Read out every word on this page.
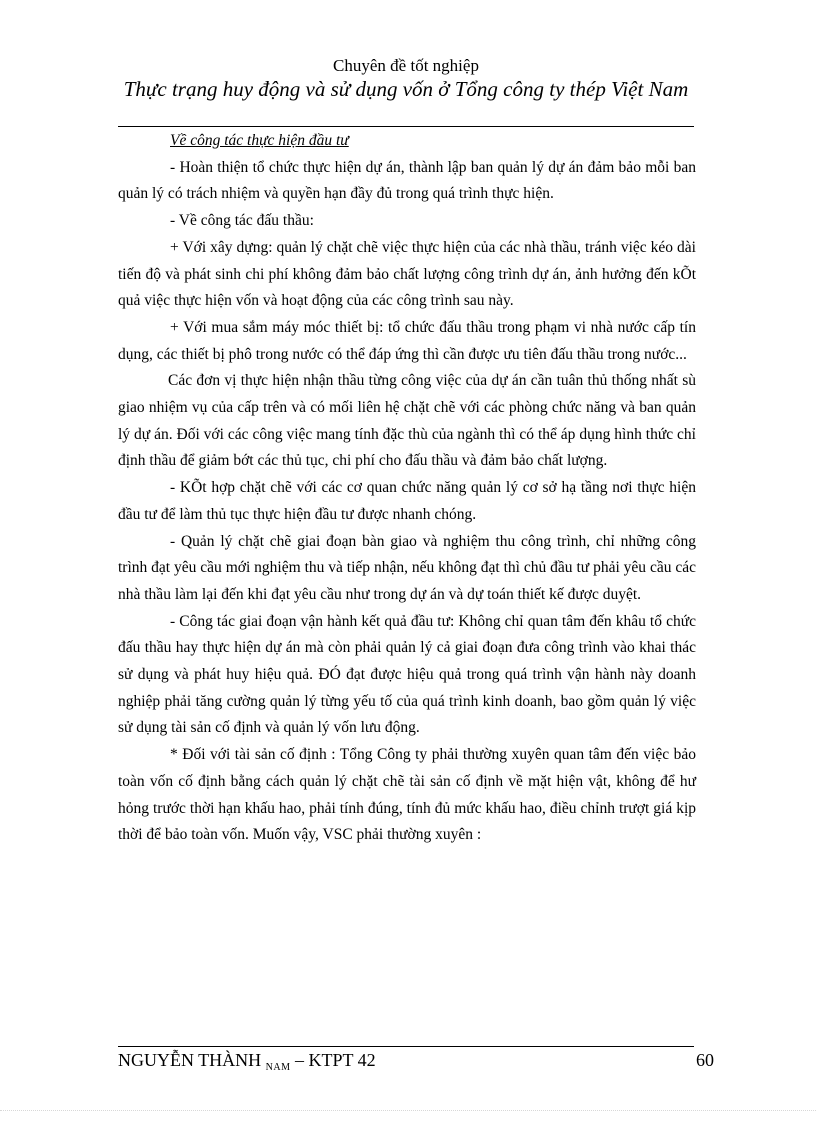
Chuyên đề tốt nghiệp
Thực trạng huy động và sử dụng vốn ở Tổng công ty thép Việt Nam
Về công tác thực hiện đầu tư

- Hoàn thiện tổ chức thực hiện dự án, thành lập ban quản lý dự án đảm bảo mỗi ban quản lý có trách nhiệm và quyền hạn đầy đủ trong quá trình thực hiện.

- Về công tác đấu thầu:

+ Với xây dựng: quản lý chặt chẽ việc thực hiện của các nhà thầu, tránh việc kéo dài tiến độ và phát sinh chi phí không đảm bảo chất lượng công trình dự án, ảnh hưởng đến kÕt quả việc thực hiện vốn và hoạt động của các công trình sau này.

+ Với mua sắm máy móc thiết bị: tổ chức đấu thầu trong phạm vi nhà nước cấp tín dụng, các thiết bị phô trong nước có thể đáp ứng thì cần được ưu tiên đấu thầu trong nước...

Các đơn vị thực hiện nhận thầu từng công việc của dự án cần tuân thủ thống nhất sù giao nhiệm vụ của cấp trên và có mối liên hệ chặt chẽ với các phòng chức năng và ban quản lý dự án. Đối với các công việc mang tính đặc thù của ngành thì có thể áp dụng hình thức chỉ định thầu để giảm bớt các thủ tục, chi phí cho đấu thầu và đảm bảo chất lượng.

- KÕt hợp chặt chẽ với các cơ quan chức năng quản lý cơ sở hạ tầng nơi thực hiện đầu tư để làm thủ tục thực hiện đầu tư được nhanh chóng.

- Quản lý chặt chẽ giai đoạn bàn giao và nghiệm thu công trình, chỉ những công trình đạt yêu cầu mới nghiệm thu và tiếp nhận, nếu không đạt thì chủ đầu tư phải yêu cầu các nhà thầu làm lại đến khi đạt yêu cầu như trong dự án và dự toán thiết kế được duyệt.

- Công tác giai đoạn vận hành kết quả đầu tư: Không chỉ quan tâm đến khâu tổ chức đấu thầu hay thực hiện dự án mà còn phải quản lý cả giai đoạn đưa công trình vào khai thác sử dụng và phát huy hiệu quả. ĐÓ đạt được hiệu quả trong quá trình vận hành này doanh nghiệp phải tăng cường quản lý từng yếu tố của quá trình kinh doanh, bao gồm quản lý việc sử dụng tài sản cố định và quản lý vốn lưu động.

* Đối với tài sản cố định : Tổng Công ty phải thường xuyên quan tâm đến việc bảo toàn vốn cố định bằng cách quản lý chặt chẽ tài sản cố định về mặt hiện vật, không để hư hỏng trước thời hạn khấu hao, phải tính đúng, tính đủ mức khấu hao, điều chỉnh trượt giá kịp thời để bảo toàn vốn. Muốn vậy, VSC phải thường xuyên :

NGUYỄN THÀNH $_{NAM}$ – KTPT 42	60
